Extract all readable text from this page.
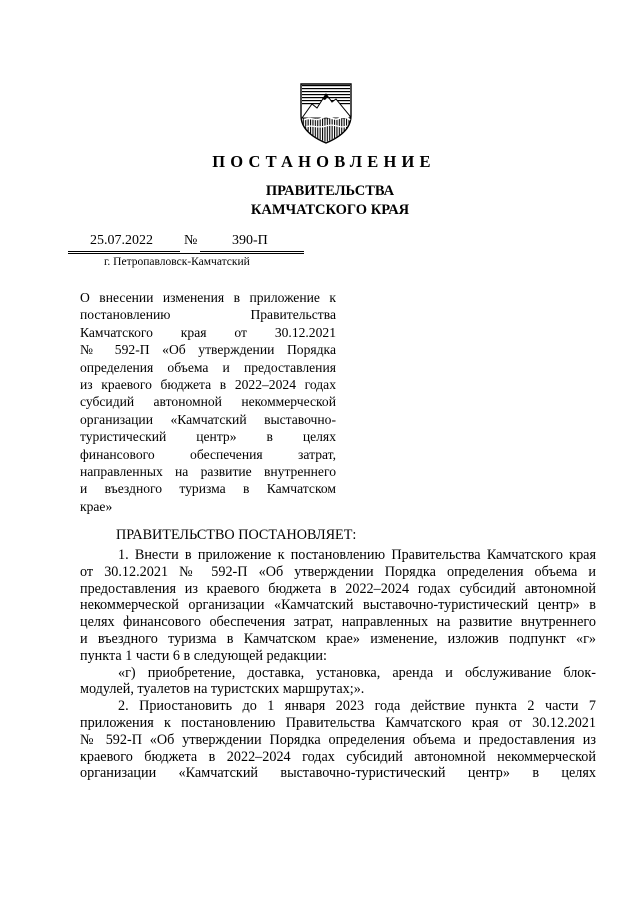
ПОСТАНОВЛЕНИЕ
ПРАВИТЕЛЬСТВА
КАМЧАТСКОГО КРАЯ
25.07.2022 № 390-П
г. Петропавловск-Камчатский
О внесении изменения в приложение к
постановлению Правительства
Камчатского края от 30.12.2021
№ 592-П «Об утверждении Порядка
определения объема и предоставления
из краевого бюджета в 2022–2024 годах
субсидий автономной некоммерческой
организации «Камчатский выставочно-
туристический центр» в целях
финансового обеспечения затрат,
направленных на развитие внутреннего
и въездного туризма в Камчатском
крае»
ПРАВИТЕЛЬСТВО ПОСТАНОВЛЯЕТ:
1. Внести в приложение к постановлению Правительства Камчатского края
от 30.12.2021 № 592-П «Об утверждении Порядка определения объема и
предоставления из краевого бюджета в 2022–2024 годах субсидий автономной
некоммерческой организации «Камчатский выставочно-туристический центр» в
целях финансового обеспечения затрат, направленных на развитие внутреннего
и въездного туризма в Камчатском крае» изменение, изложив подпункт «г»
пункта 1 части 6 в следующей редакции:
«г) приобретение, доставка, установка, аренда и обслуживание блок-
модулей, туалетов на туристских маршрутах;».
2. Приостановить до 1 января 2023 года действие пункта 2 части 7
приложения к постановлению Правительства Камчатского края от 30.12.2021
№ 592-П «Об утверждении Порядка определения объема и предоставления из
краевого бюджета в 2022–2024 годах субсидий автономной некоммерческой
организации «Камчатский выставочно-туристический центр» в целях
